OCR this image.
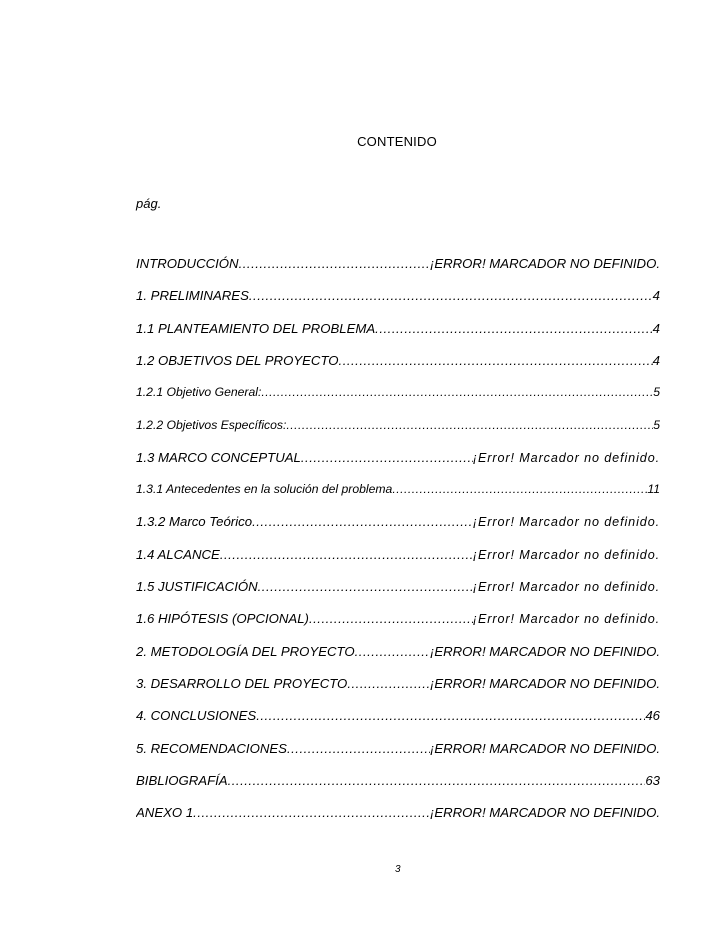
CONTENIDO
pág.
INTRODUCCIÓN .....	¡ERROR! MARCADOR NO DEFINIDO.
1. PRELIMINARES .....	4
1.1 PLANTEAMIENTO DEL PROBLEMA .....	4
1.2 OBJETIVOS DEL PROYECTO .....	4
1.2.1 Objetivo General: .....	5
1.2.2 Objetivos Específicos: .....	5
1.3 MARCO CONCEPTUAL .....	¡Error! Marcador no definido.
1.3.1 Antecedentes en la solución del problema .....	11
1.3.2 Marco Teórico .....	¡Error! Marcador no definido.
1.4 ALCANCE .....	¡Error! Marcador no definido.
1.5 JUSTIFICACIÓN .....	¡Error! Marcador no definido.
1.6 HIPÓTESIS (OPCIONAL) .....	¡Error! Marcador no definido.
2. METODOLOGÍA DEL PROYECTO .....	¡ERROR! MARCADOR NO DEFINIDO.
3. DESARROLLO DEL PROYECTO .....	¡ERROR! MARCADOR NO DEFINIDO.
4. CONCLUSIONES .....	46
5. RECOMENDACIONES .....	¡ERROR! MARCADOR NO DEFINIDO.
BIBLIOGRAFÍA .....	63
ANEXO 1 .....	¡ERROR! MARCADOR NO DEFINIDO.
3
